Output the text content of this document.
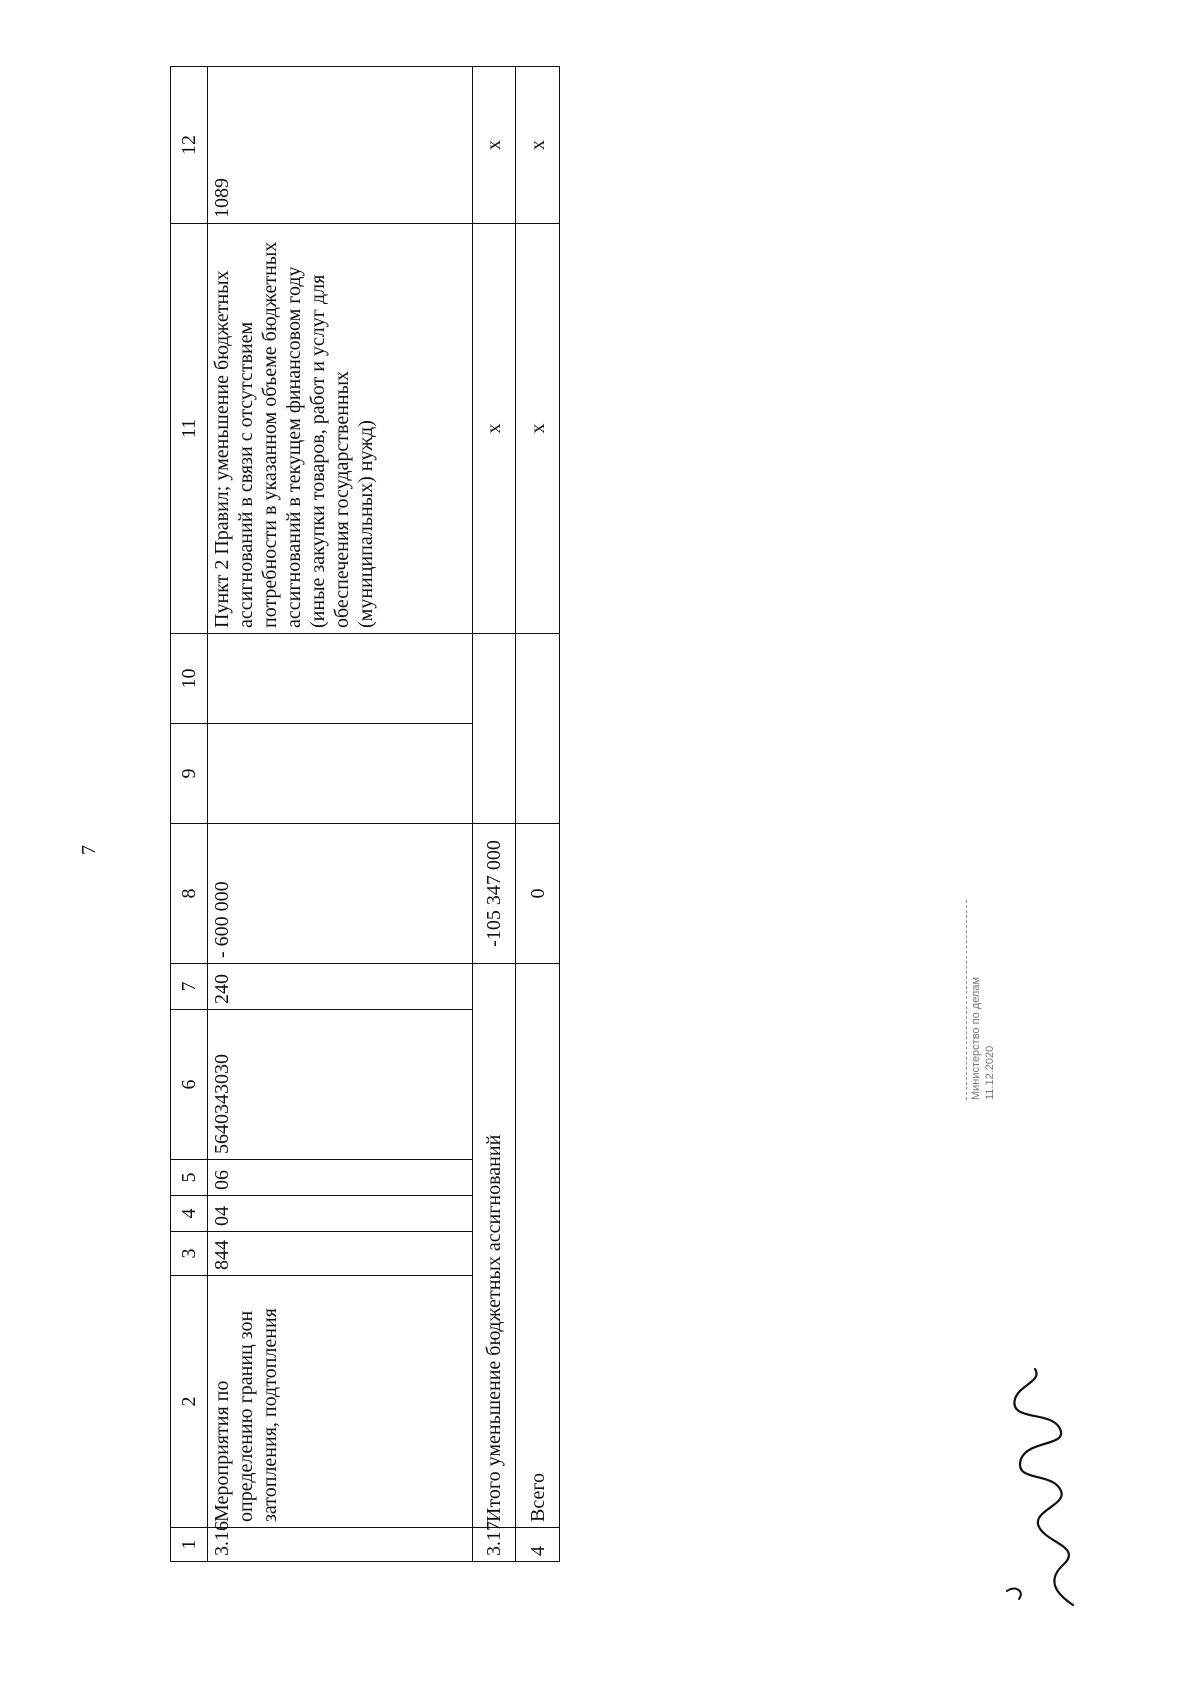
7
1	2	3	4	5	6	7	8	9	10	11	12
3.16	Мероприятия по определению границ зон затопления, подтопления	844	04	06	5640343030	240	- 600 000			Пункт 2 Правил; уменьшение бюджетных ассигнований в связи с отсутствием потребности в указанном объеме бюджетных ассигнований в текущем финансовом году (иные закупки товаров, работ и услуг для обеспечения государственных (муниципальных) нужд)	1089
3.17	Итого уменьшение бюджетных ассигнований						-105 347 000			х	х
4	Всего						0			х	х
Министерство по делам 11.12.2020
